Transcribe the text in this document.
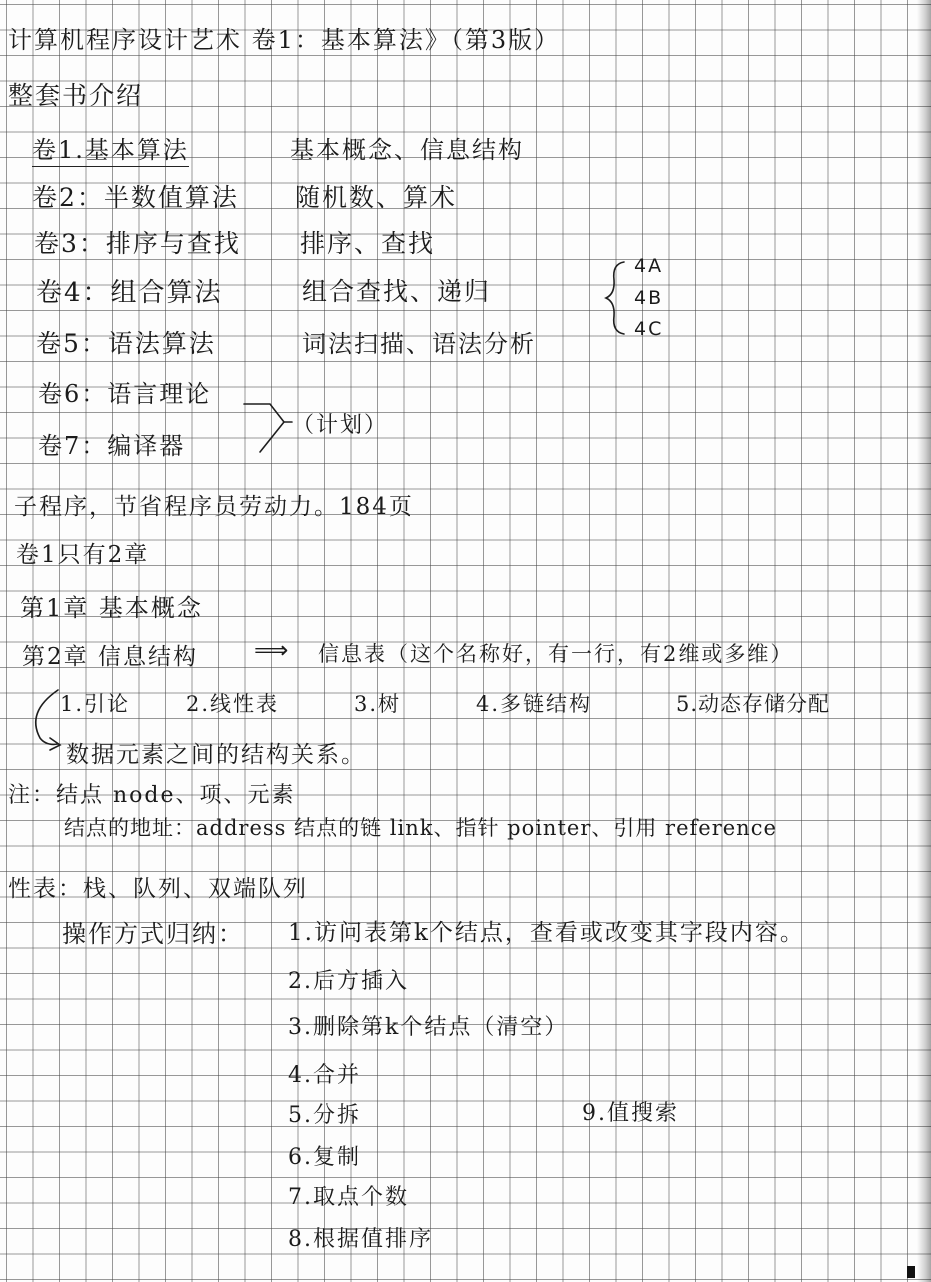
计算机程序设计艺术 卷1：基本算法》（第3版）
整套书介绍
卷1.基本算法	基本概念、信息结构
卷2：半数值算法 随机数、算术
卷3：排序与查找 排序、查找
卷4：组合算法	组合查找、递归
卷5：语法算法	词法扫描、语法分析
卷6：语言理论
卷7：编译器
4A
4B
4C
（计划）
子程序，节省程序员劳动力。184页
卷1只有2章
第1章 基本概念
第2章 信息结构 ⟹ 信息表（这个名称好，有一行，有2维或多维）
1.引论	2.线性表	3.树	4.多链结构	5.动态存储分配
数据元素之间的结构关系。
注：结点 node、项、元素
结点的地址：address 结点的链 link、指针 pointer、引用 reference
性表：栈、队列、双端队列
操作方式归纳： 1.访问表第k个结点，查看或改变其字段内容。
2.后方插入
3.删除第k个结点（清空）
4.合并
5.分拆
6.复制
7.取点个数
8.根据值排序
9.值搜索
